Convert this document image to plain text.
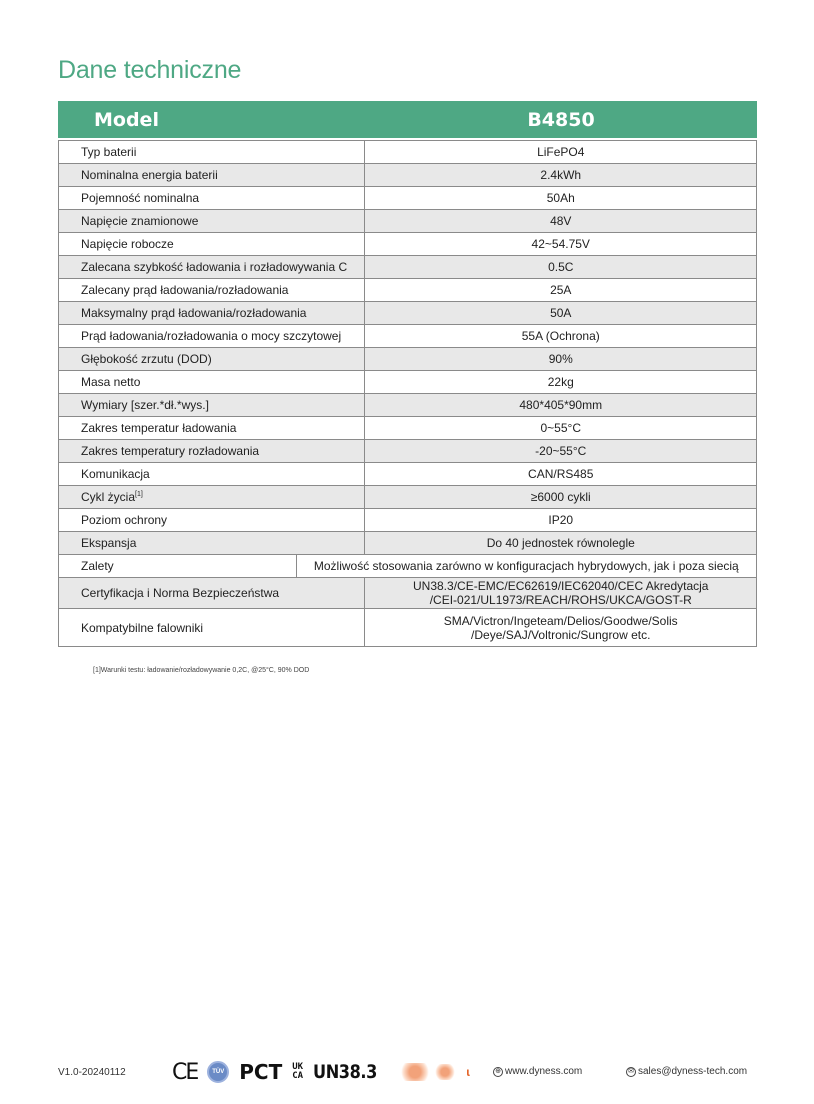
Dane techniczne
Model	B4850
Typ baterii		LiFePO4
Nominalna energia baterii		2.4kWh
Pojemność nominalna		50Ah
Napięcie znamionowe		48V
Napięcie robocze		42~54.75V
Zalecana szybkość ładowania i rozładowywania C		0.5C
Zalecany prąd ładowania/rozładowania		25A
Maksymalny prąd ładowania/rozładowania		50A
Prąd ładowania/rozładowania o mocy szczytowej		55A (Ochrona)
Głębokość zrzutu (DOD)		90%
Masa netto		22kg
Wymiary [szer.*dł.*wys.]		480*405*90mm
Zakres temperatur ładowania		0~55°C
Zakres temperatury rozładowania		-20~55°C
Komunikacja		CAN/RS485
Cykl życia[1]		≥6000 cykli
Poziom ochrony		IP20
Ekspansja		Do 40 jednostek równolegle
Zalety	Możliwość stosowania zarówno w konfiguracjach hybrydowych, jak i poza siecią	
Certyfikacja i Norma Bezpieczeństwa		UN38.3/CE-EMC/EC62619/IEC62040/CEC Akredytacja
/CEI-021/UL1973/REACH/ROHS/UKCA/GOST-R

Kompatybilne falowniki		SMA/Victron/Ingeteam/Delios/Goodwe/Solis
/Deye/SAJ/Voltronic/Sungrow etc.
[1]Warunki testu: ładowanie/rozładowywanie 0,2C, @25°C, 90% DOD
V1.0-20240112 CE	TÜV PCT UK
CA UN38.3	ɩ	⊕ www.dyness.com	✉ sales@dyness-tech.com
